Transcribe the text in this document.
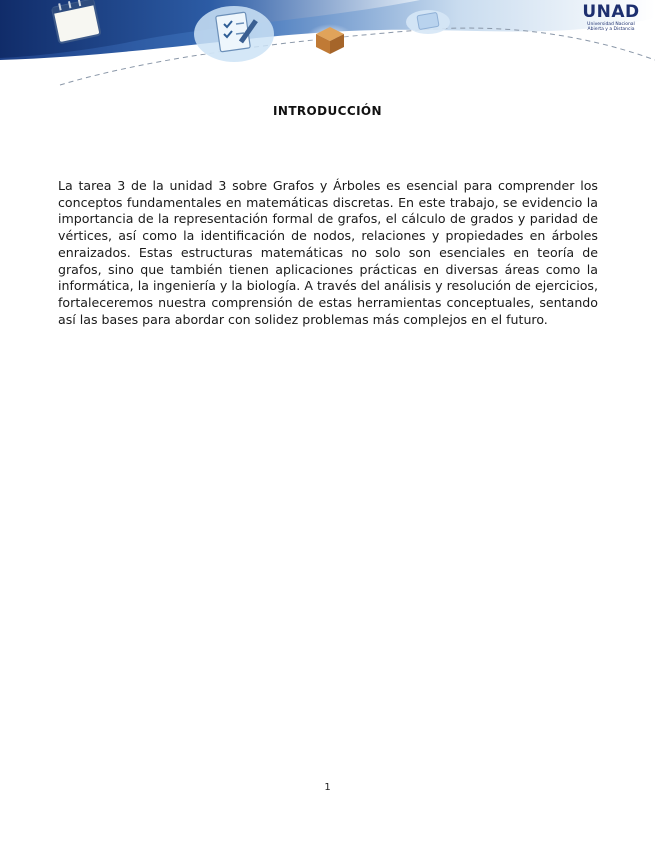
UNAD
Universidad Nacional
Abierta y a Distancia
INTRODUCCIÓN

La tarea 3 de la unidad 3 sobre Grafos y Árboles es esencial para comprender los conceptos fundamentales en matemáticas discretas. En este trabajo, se evidencio la importancia de la representación formal de grafos, el cálculo de grados y paridad de vértices, así como la identificación de nodos, relaciones y propiedades en árboles enraizados. Estas estructuras matemáticas no solo son esenciales en teoría de grafos, sino que también tienen aplicaciones prácticas en diversas áreas como la informática, la ingeniería y la biología. A través del análisis y resolución de ejercicios, fortaleceremos nuestra comprensión de estas herramientas conceptuales, sentando así las bases para abordar con solidez problemas más complejos en el futuro.

1
